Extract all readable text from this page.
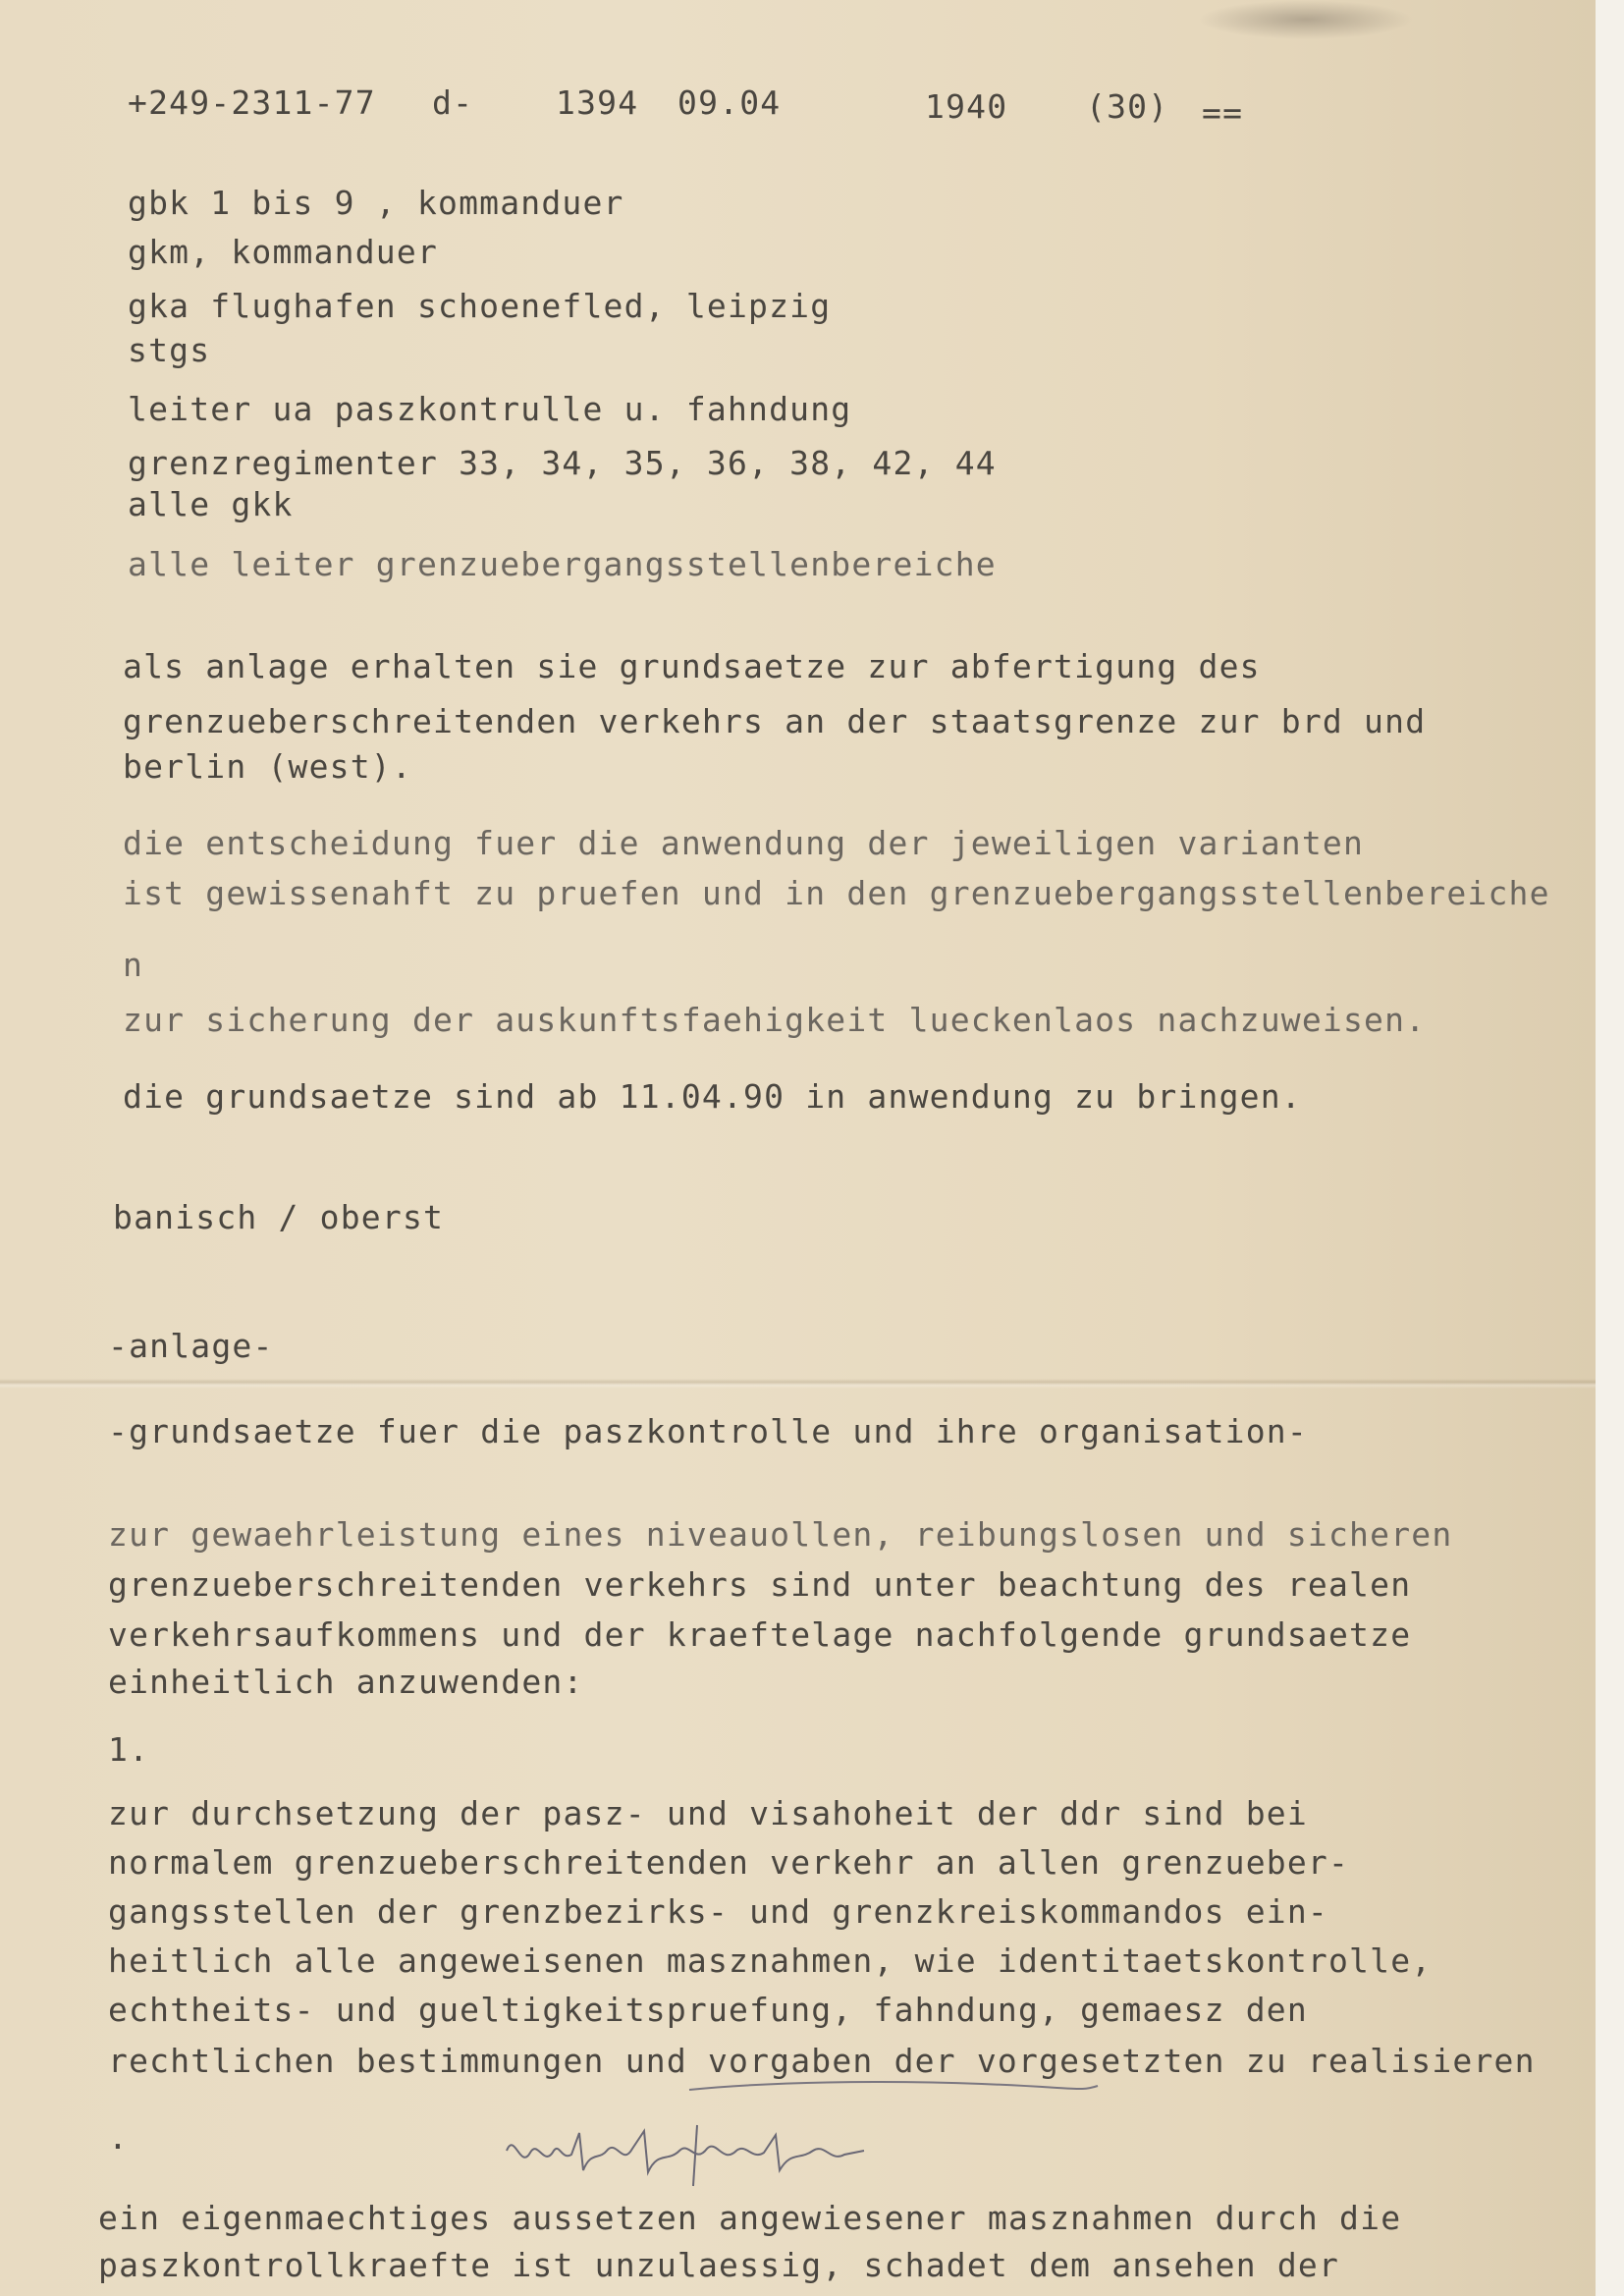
+249-2311-77 d-	1394 09.04	1940 (30) ==
gbk 1 bis 9 , kommanduer
gkm, kommanduer
gka flughafen schoenefled, leipzig
stgs
leiter ua paszkontrulle u. fahndung
grenzregimenter 33, 34, 35, 36, 38, 42, 44
alle gkk
alle leiter grenzuebergangsstellenbereiche
als anlage erhalten sie grundsaetze zur abfertigung des
grenzueberschreitenden verkehrs an der staatsgrenze zur brd und
berlin (west).
die entscheidung fuer die anwendung der jeweiligen varianten
ist gewissenahft zu pruefen und in den grenzuebergangsstellenbereiche
n
zur sicherung der auskunftsfaehigkeit lueckenlaos nachzuweisen.
die grundsaetze sind ab 11.04.90 in anwendung zu bringen.
banisch / oberst
-anlage-
-grundsaetze fuer die paszkontrolle und ihre organisation-
zur gewaehrleistung eines niveauollen, reibungslosen und sicheren
grenzueberschreitenden verkehrs sind unter beachtung des realen
verkehrsaufkommens und der kraeftelage nachfolgende grundsaetze
einheitlich anzuwenden:
1.
zur durchsetzung der pasz- und visahoheit der ddr sind bei
normalem grenzueberschreitenden verkehr an allen grenzueber-
gangsstellen der grenzbezirks- und grenzkreiskommandos ein-
heitlich alle angeweisenen masznahmen, wie identitaetskontrolle,
echtheits- und gueltigkeitspruefung, fahndung, gemaesz den
rechtlichen bestimmungen und vorgaben der vorgesetzten zu realisieren
.
ein eigenmaechtiges aussetzen angewiesener masznahmen durch die
paszkontrollkraefte ist unzulaessig, schadet dem ansehen der
